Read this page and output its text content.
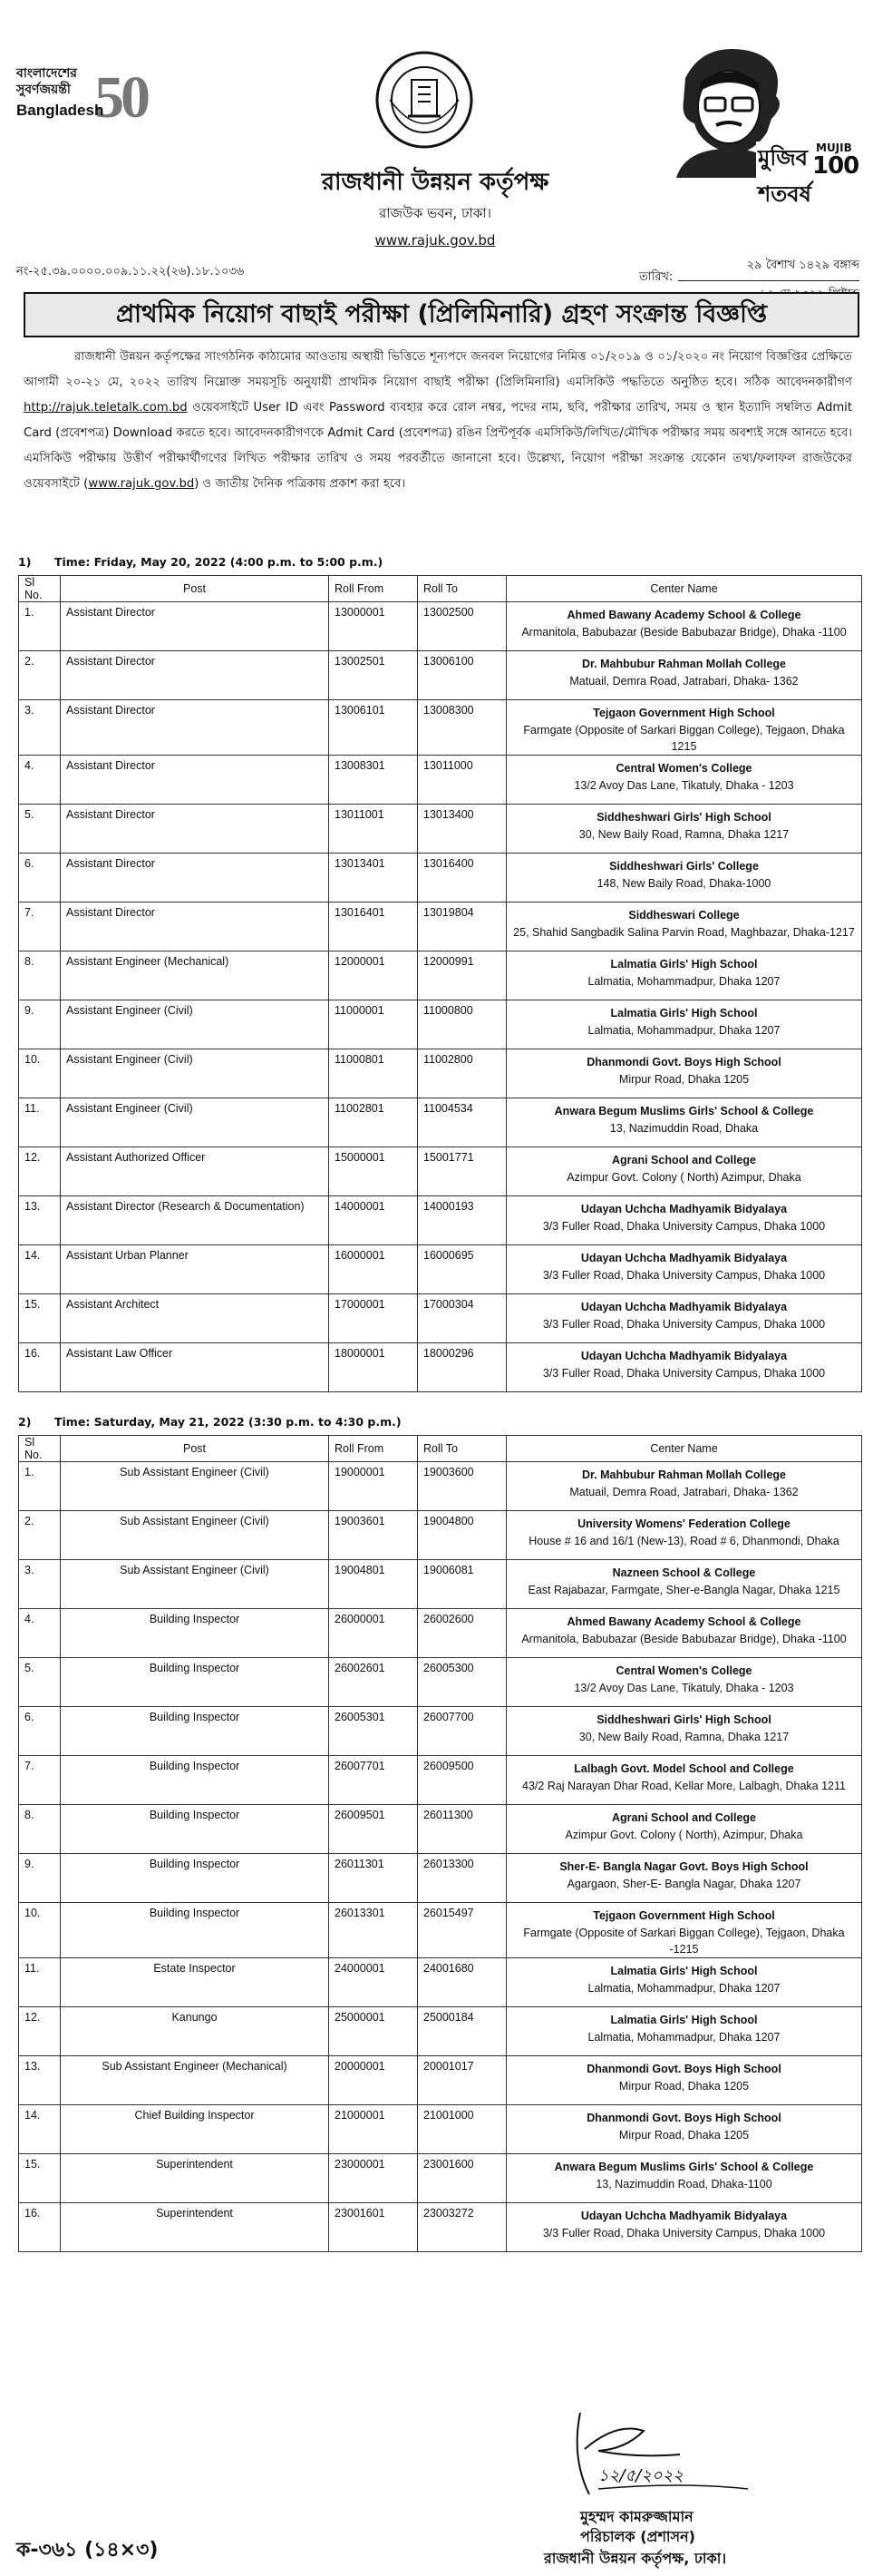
50
বাংলাদেশের
সুবর্ণজয়ন্তী
Bangladesh
রাজধানী উন্নয়ন কর্তৃপক্ষ
রাজউক ভবন, ঢাকা।
www.rajuk.gov.bd
মুজিব শতবর্ষ
MUJIB
100
নং-২৫.৩৯.০০০০.০০৯.১১.২২(২৬).১৮.১০৩৬	তারিখ:
২৯ বৈশাখ ১৪২৯ বঙ্গাব্দ
প্রাথমিক নিয়োগ বাছাই পরীক্ষা (প্রিলিমিনারি) গ্রহণ সংক্রান্ত বিজ্ঞপ্তি
রাজধানী উন্নয়ন কর্তৃপক্ষের সাংগঠনিক কাঠামোর আওতায় অস্থায়ী ভিত্তিতে শূন্যপদে জনবল নিয়োগের নিমিত্ত ০১/২০১৯ ও ০১/২০২০ নং নিয়োগ বিজ্ঞপ্তির প্রেক্ষিতে আগামী ২০-২১ মে, ২০২২ তারিখ নিম্নোক্ত সময়সূচি অনুযায়ী প্রাথমিক নিয়োগ বাছাই পরীক্ষা (প্রিলিমিনারি) এমসিকিউ পদ্ধতিতে অনুষ্ঠিত হবে। সঠিক আবেদনকারীগণ http://rajuk.teletalk.com.bd ওয়েবসাইটে User ID এবং Password ব্যবহার করে রোল নম্বর, পদের নাম, ছবি, পরীক্ষার তারিখ, সময় ও স্থান ইত্যাদি সম্বলিত Admit Card (প্রবেশপত্র) Download করতে হবে। আবেদনকারীগণকে Admit Card (প্রবেশপত্র) রঙিন প্রিন্টপূর্বক এমসিকিউ/লিখিত/মৌখিক পরীক্ষার সময় অবশ্যই সঙ্গে আনতে হবে। এমসিকিউ পরীক্ষায় উত্তীর্ণ পরীক্ষার্থীগণের লিখিত পরীক্ষার তারিখ ও সময় পরবর্তীতে জানানো হবে। উল্লেখ্য, নিয়োগ পরীক্ষা সংক্রান্ত যেকোন তথ্য/ফলাফল রাজউকের ওয়েবসাইটে (www.rajuk.gov.bd) ও জাতীয় দৈনিক পত্রিকায় প্রকাশ করা হবে।
1) Time: Friday, May 20, 2022 (4:00 p.m. to 5:00 p.m.)
Sl No.	Post	Roll From	Roll To	Center Name
1.	Assistant Director	13000001	13002500	Ahmed Bawany Academy School & College
Armanitola, Babubazar (Beside Babubazar Bridge), Dhaka -1100

2.	Assistant Director	13002501	13006100	Dr. Mahbubur Rahman Mollah College
Matuail, Demra Road, Jatrabari, Dhaka- 1362

3.	Assistant Director	13006101	13008300	Tejgaon Government High School
Farmgate (Opposite of Sarkari Biggan College), Tejgaon, Dhaka 1215

4.	Assistant Director	13008301	13011000	Central Women's College
13/2 Avoy Das Lane, Tikatuly, Dhaka - 1203

5.	Assistant Director	13011001	13013400	Siddheshwari Girls' High School
30, New Baily Road, Ramna, Dhaka 1217

6.	Assistant Director	13013401	13016400	Siddheshwari Girls' College
148, New Baily Road, Dhaka-1000

7.	Assistant Director	13016401	13019804	Siddheswari College
25, Shahid Sangbadik Salina Parvin Road, Maghbazar, Dhaka-1217

8.	Assistant Engineer (Mechanical)	12000001	12000991	Lalmatia Girls' High School
Lalmatia, Mohammadpur, Dhaka 1207

9.	Assistant Engineer (Civil)	11000001	11000800	Lalmatia Girls' High School
Lalmatia, Mohammadpur, Dhaka 1207

10.	Assistant Engineer (Civil)	11000801	11002800	Dhanmondi Govt. Boys High School
Mirpur Road, Dhaka 1205

11.	Assistant Engineer (Civil)	11002801	11004534	Anwara Begum Muslims Girls' School & College
13, Nazimuddin Road, Dhaka

12.	Assistant Authorized Officer	15000001	15001771	Agrani School and College
Azimpur Govt. Colony ( North) Azimpur, Dhaka

13.	Assistant Director (Research & Documentation)	14000001	14000193	Udayan Uchcha Madhyamik Bidyalaya
3/3 Fuller Road, Dhaka University Campus, Dhaka 1000

14.	Assistant Urban Planner	16000001	16000695	Udayan Uchcha Madhyamik Bidyalaya
3/3 Fuller Road, Dhaka University Campus, Dhaka 1000

15.	Assistant Architect	17000001	17000304	Udayan Uchcha Madhyamik Bidyalaya
3/3 Fuller Road, Dhaka University Campus, Dhaka 1000

16.	Assistant Law Officer	18000001	18000296	Udayan Uchcha Madhyamik Bidyalaya
3/3 Fuller Road, Dhaka University Campus, Dhaka 1000
2) Time: Saturday, May 21, 2022 (3:30 p.m. to 4:30 p.m.)
Sl No.	Post	Roll From	Roll To	Center Name
1.	Sub Assistant Engineer (Civil)	19000001	19003600	Dr. Mahbubur Rahman Mollah College
Matuail, Demra Road, Jatrabari, Dhaka- 1362

2.	Sub Assistant Engineer (Civil)	19003601	19004800	University Womens' Federation College
House # 16 and 16/1 (New-13), Road # 6, Dhanmondi, Dhaka

3.	Sub Assistant Engineer (Civil)	19004801	19006081	Nazneen School & College
East Rajabazar, Farmgate, Sher-e-Bangla Nagar, Dhaka 1215

4.	Building Inspector	26000001	26002600	Ahmed Bawany Academy School & College
Armanitola, Babubazar (Beside Babubazar Bridge), Dhaka -1100

5.	Building Inspector	26002601	26005300	Central Women's College
13/2 Avoy Das Lane, Tikatuly, Dhaka - 1203

6.	Building Inspector	26005301	26007700	Siddheshwari Girls' High School
30, New Baily Road, Ramna, Dhaka 1217

7.	Building Inspector	26007701	26009500	Lalbagh Govt. Model School and College
43/2 Raj Narayan Dhar Road, Kellar More, Lalbagh, Dhaka 1211

8.	Building Inspector	26009501	26011300	Agrani School and College
Azimpur Govt. Colony ( North), Azimpur, Dhaka

9.	Building Inspector	26011301	26013300	Sher-E- Bangla Nagar Govt. Boys High School
Agargaon, Sher-E- Bangla Nagar, Dhaka 1207

10.	Building Inspector	26013301	26015497	Tejgaon Government High School
Farmgate (Opposite of Sarkari Biggan College), Tejgaon, Dhaka -1215

11.	Estate Inspector	24000001	24001680	Lalmatia Girls' High School
Lalmatia, Mohammadpur, Dhaka 1207

12.	Kanungo	25000001	25000184	Lalmatia Girls' High School
Lalmatia, Mohammadpur, Dhaka 1207

13.	Sub Assistant Engineer (Mechanical)	20000001	20001017	Dhanmondi Govt. Boys High School
Mirpur Road, Dhaka 1205

14.	Chief Building Inspector	21000001	21001000	Dhanmondi Govt. Boys High School
Mirpur Road, Dhaka 1205

15.	Superintendent	23000001	23001600	Anwara Begum Muslims Girls' School & College
13, Nazimuddin Road, Dhaka-1100

16.	Superintendent	23001601	23003272	Udayan Uchcha Madhyamik Bidyalaya
3/3 Fuller Road, Dhaka University Campus, Dhaka 1000
১২/৫/২০২২
মুহম্মদ কামরুজ্জামান
পরিচালক (প্রশাসন)
রাজধানী উন্নয়ন কর্তৃপক্ষ, ঢাকা।
ক-৩৬১ (১৪×৩)
